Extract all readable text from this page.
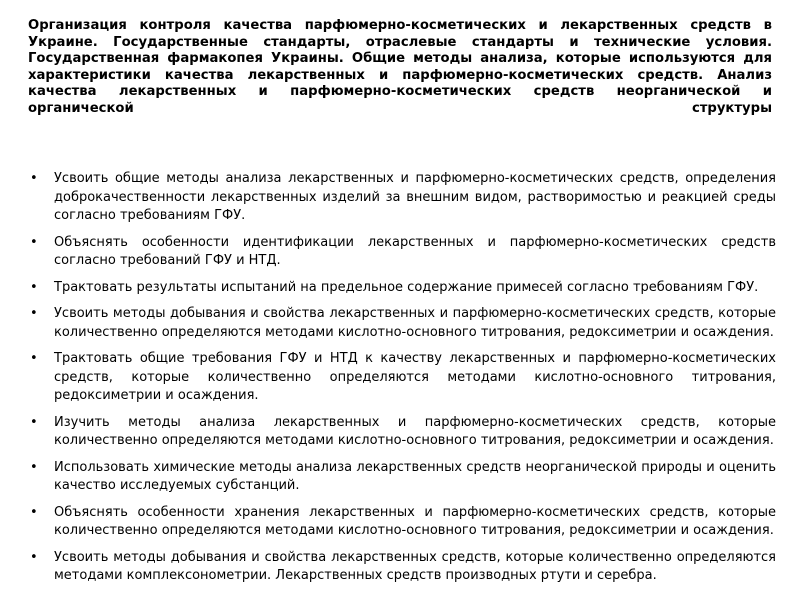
Организация контроля качества парфюмерно-косметических и лекарственных средств в Украине. Государственные стандарты, отраслевые стандарты и технические условия. Государственная фармакопея Украины. Общие методы анализа, которые используются для характеристики качества лекарственных и парфюмерно-косметических средств. Анализ качества лекарственных и парфюмерно-косметических средств неорганической и органической структуры
•	Усвоить общие методы анализа лекарственных и парфюмерно-косметических средств, определения доброкачественности лекарственных изделий за внешним видом, растворимостью и реакцией среды согласно требованиям ГФУ.
•	Объяснять особенности идентификации лекарственных и парфюмерно-косметических средств согласно требований ГФУ и НТД.
•	Трактовать результаты испытаний на предельное содержание примесей согласно требованиям ГФУ.
•	Усвоить методы добывания и свойства лекарственных и парфюмерно-косметических средств, которые количественно определяются методами кислотно-основного титрования, редоксиметрии и осаждения.
•	Трактовать общие требования ГФУ и НТД к качеству лекарственных и парфюмерно-косметических средств, которые количественно определяются методами кислотно-основного титрования, редоксиметрии и осаждения.
•	Изучить методы анализа лекарственных и парфюмерно-косметических средств, которые количественно определяются методами кислотно-основного титрования, редоксиметрии и осаждения.
•	Использовать химические методы анализа лекарственных средств неорганической природы и оценить качество исследуемых субстанций.
•	Объяснять особенности хранения лекарственных и парфюмерно-косметических средств, которые количественно определяются методами кислотно-основного титрования, редоксиметрии и осаждения.
•	Усвоить методы добывания и свойства лекарственных средств, которые количественно определяются методами комплексонометрии. Лекарственных средств производных ртути и серебра.
